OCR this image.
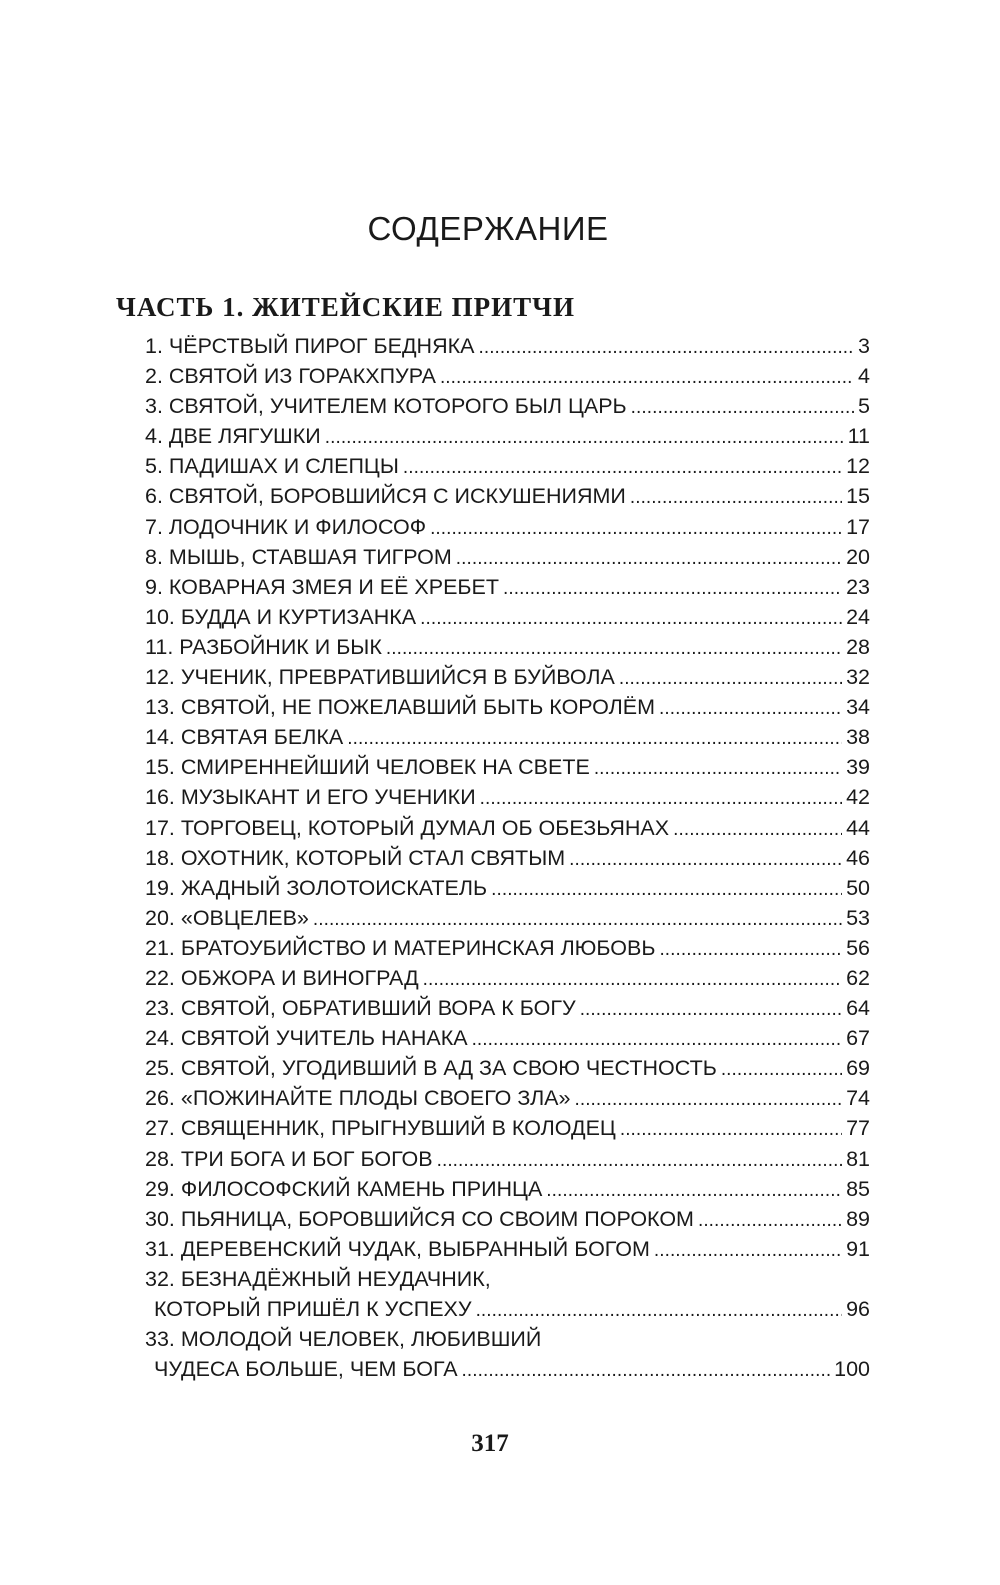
СОДЕРЖАНИЕ
ЧАСТЬ 1. ЖИТЕЙСКИЕ ПРИТЧИ
1. ЧЁРСТВЫЙ ПИРОГ БЕДНЯКА . . .	3
2. СВЯТОЙ ИЗ ГОРАКХПУРА . . .	4
3. СВЯТОЙ, УЧИТЕЛЕМ КОТОРОГО БЫЛ ЦАРЬ . . .	5
4. ДВЕ ЛЯГУШКИ . . .	11
5. ПАДИШАХ И СЛЕПЦЫ . . .	12
6. СВЯТОЙ, БОРОВШИЙСЯ С ИСКУШЕНИЯМИ . . .	15
7. ЛОДОЧНИК И ФИЛОСОФ . . .	17
8. МЫШЬ, СТАВШАЯ ТИГРОМ . . .	20
9. КОВАРНАЯ ЗМЕЯ И ЕЁ ХРЕБЕТ . . .	23
10. БУДДА И КУРТИЗАНКА . . .	24
11. РАЗБОЙНИК И БЫК . . .	28
12. УЧЕНИК, ПРЕВРАТИВШИЙСЯ В БУЙВОЛА . . .	32
13. СВЯТОЙ, НЕ ПОЖЕЛАВШИЙ БЫТЬ КОРОЛЁМ . . .	34
14. СВЯТАЯ БЕЛКА . . .	38
15. СМИРЕННЕЙШИЙ ЧЕЛОВЕК НА СВЕТЕ . . .	39
16. МУЗЫКАНТ И ЕГО УЧЕНИКИ . . .	42
17. ТОРГОВЕЦ, КОТОРЫЙ ДУМАЛ ОБ ОБЕЗЬЯНАХ . . .	44
18. ОХОТНИК, КОТОРЫЙ СТАЛ СВЯТЫМ . . .	46
19. ЖАДНЫЙ ЗОЛОТОИСКАТЕЛЬ . . .	50
20. «ОВЦЕЛЕВ» . . .	53
21. БРАТОУБИЙСТВО И МАТЕРИНСКАЯ ЛЮБОВЬ . . .	56
22. ОБЖОРА И ВИНОГРАД . . .	62
23. СВЯТОЙ, ОБРАТИВШИЙ ВОРА К БОГУ . . .	64
24. СВЯТОЙ УЧИТЕЛЬ НАНАКА . . .	67
25. СВЯТОЙ, УГОДИВШИЙ В АД ЗА СВОЮ ЧЕСТНОСТЬ . . .	69
26. «ПОЖИНАЙТЕ ПЛОДЫ СВОЕГО ЗЛА» . . .	74
27. СВЯЩЕННИК, ПРЫГНУВШИЙ В КОЛОДЕЦ . . .	77
28. ТРИ БОГА И БОГ БОГОВ . . .	81
29. ФИЛОСОФСКИЙ КАМЕНЬ ПРИНЦА . . .	85
30. ПЬЯНИЦА, БОРОВШИЙСЯ СО СВОИМ ПОРОКОМ . . .	89
31. ДЕРЕВЕНСКИЙ ЧУДАК, ВЫБРАННЫЙ БОГОМ . . .	91
32. БЕЗНАДЁЖНЫЙ НЕУДАЧНИК,
КОТОРЫЙ ПРИШЁЛ К УСПЕХУ . . .	96
33. МОЛОДОЙ ЧЕЛОВЕК, ЛЮБИВШИЙ
ЧУДЕСА БОЛЬШЕ, ЧЕМ БОГА . . .	100
317
